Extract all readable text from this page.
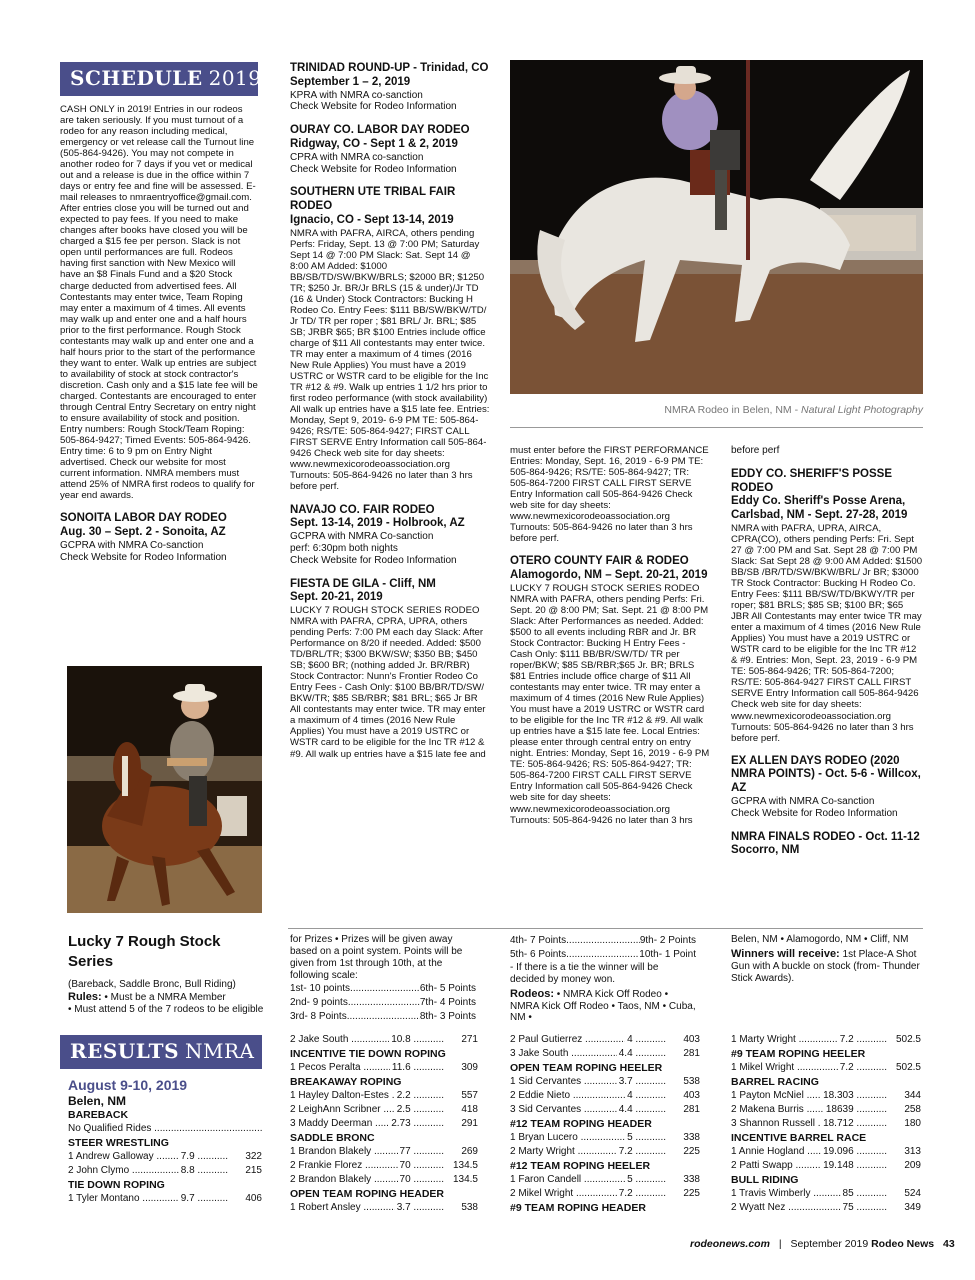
SCHEDULE 2019

CASH ONLY in 2019! Entries in our rodeos are taken seriously. If you must turnout of a rodeo for any reason including medical, emergency or vet release call the Turnout line (505-864-9426). You may not compete in another rodeo for 7 days if you vet or medical out and a release is due in the office within 7 days or entry fee and fine will be assessed. E-mail releases to nmraentryoffice@gmail.com. After entries close you will be turned out and expected to pay fees. If you need to make changes after books have closed you will be charged a $15 fee per person. Slack is not open until performances are full. Rodeos having first sanction with New Mexico will have an $8 Finals Fund and a $20 Stock charge deducted from advertised fees. All Contestants may enter twice, Team Roping may enter a maximum of 4 times. All events may walk up and enter one and a half hours prior to the first performance. Rough Stock contestants may walk up and enter one and a half hours prior to the start of the performance they want to enter. Walk up entries are subject to availability of stock at stock contractor's discretion. Cash only and a $15 late fee will be charged. Contestants are encouraged to enter through Central Entry Secretary on entry night to ensure availability of stock and position. Entry numbers: Rough Stock/Team Roping: 505-864-9427; Timed Events: 505-864-9426. Entry time: 6 to 9 pm on Entry Night advertised. Check our website for most current information. NMRA members must attend 25% of NMRA first rodeos to qualify for year end awards.

SONOITA LABOR DAY RODEO

Aug. 30 – Sept. 2 - Sonoita, AZ

GCPRA with NMRA Co-sanction

Check Website for Rodeo Information

TRINIDAD ROUND-UP - Trinidad, CO

September 1 – 2, 2019

KPRA with NMRA co-sanction

Check Website for Rodeo Information

OURAY CO. LABOR DAY RODEO

Ridgway, CO - Sept 1 & 2, 2019

CPRA with NMRA co-sanction

Check Website for Rodeo Information

SOUTHERN UTE TRIBAL FAIR RODEO

Ignacio, CO - Sept 13-14, 2019

NMRA with PAFRA, AIRCA, others pending Perfs: Friday, Sept. 13 @ 7:00 PM; Saturday Sept 14 @ 7:00 PM Slack: Sat. Sept 14 @ 8:00 AM Added: $1000 BB/SB/TD/SW/BKW/BRLS; $2000 BR; $1250 TR; $250 Jr. BR/Jr BRLS (15 & under)/Jr TD (16 & Under) Stock Contractors: Bucking H Rodeo Co. Entry Fees: $111 BB/SW/BKW/TD/ Jr TD/ TR per roper ; $81 BRL/ Jr. BRL; $85 SB; JRBR $65; BR $100 Entries include office charge of $11 All contestants may enter twice. TR may enter a maximum of 4 times (2016 New Rule Applies) You must have a 2019 USTRC or WSTR card to be eligible for the Inc TR #12 & #9. Walk up entries 1 1/2 hrs prior to first rodeo performance (with stock availability) All walk up entries have a $15 late fee. Entries: Monday, Sept 9, 2019- 6-9 PM TE: 505-864-9426; RS/TE: 505-864-9427; FIRST CALL FIRST SERVE Entry Information call 505-864-9426 Check web site for day sheets: www.newmexicorodeoassociation.org Turnouts: 505-864-9426 no later than 3 hrs before perf.

NAVAJO CO. FAIR RODEO

Sept. 13-14, 2019 - Holbrook, AZ

GCPRA with NMRA Co-sanction

perf: 6:30pm both nights

Check Website for Rodeo Information

FIESTA DE GILA - Cliff, NM

Sept. 20-21, 2019

LUCKY 7 ROUGH STOCK SERIES RODEO NMRA with PAFRA, CPRA, UPRA, others pending Perfs: 7:00 PM each day Slack: After Performance on 8/20 if needed. Added: $500 TD/BRL/TR; $300 BKW/SW; $350 BB; $450 SB; $600 BR; (nothing added Jr. BR/RBR) Stock Contractor: Nunn's Frontier Rodeo Co Entry Fees - Cash Only: $100 BB/BR/TD/SW/ BKW/TR; $85 SB/RBR; $81 BRL; $65 Jr BR All contestants may enter twice. TR may enter a maximum of 4 times (2016 New Rule Applies) You must have a 2019 USTRC or WSTR card to be eligible for the Inc TR #12 & #9. All walk up entries have a $15 late fee and

NMRA Rodeo in Belen, NM - Natural Light Photography

must enter before the FIRST PERFORMANCE Entries: Monday, Sept. 16, 2019 - 6-9 PM TE: 505-864-9426; RS/TE: 505-864-9427; TR: 505-864-7200 FIRST CALL FIRST SERVE Entry Information call 505-864-9426 Check web site for day sheets: www.newmexicorodeoassociation.org Turnouts: 505-864-9426 no later than 3 hrs before perf.

OTERO COUNTY FAIR & RODEO

Alamogordo, NM – Sept. 20-21, 2019

LUCKY 7 ROUGH STOCK SERIES RODEO NMRA with PAFRA, others pending Perfs: Fri. Sept. 20 @ 8:00 PM; Sat. Sept. 21 @ 8:00 PM Slack: After Performances as needed. Added: $500 to all events including RBR and Jr. BR Stock Contractor: Bucking H Entry Fees - Cash Only: $111 BB/BR/SW/TD/ TR per roper/BKW; $85 SB/RBR;$65 Jr. BR; BRLS $81 Entries include office charge of $11 All contestants may enter twice. TR may enter a maximum of 4 times (2016 New Rule Applies) You must have a 2019 USTRC or WSTR card to be eligible for the Inc TR #12 & #9. All walk up entries have a $15 late fee. Local Entries: please enter through central entry on entry night. Entries: Monday, Sept 16, 2019 - 6-9 PM TE: 505-864-9426; RS: 505-864-9427; TR: 505-864-7200 FIRST CALL FIRST SERVE Entry Information call 505-864-9426 Check web site for day sheets: www.newmexicorodeoassociation.org Turnouts: 505-864-9426 no later than 3 hrs

before perf

EDDY CO. SHERIFF'S POSSE RODEO

Eddy Co. Sheriff's Posse Arena, Carlsbad, NM - Sept. 27-28, 2019

NMRA with PAFRA, UPRA, AIRCA, CPRA(CO), others pending Perfs: Fri. Sept 27 @ 7:00 PM and Sat. Sept 28 @ 7:00 PM Slack: Sat Sept 28 @ 9:00 AM Added: $1500 BB/SB /BR/TD/SW/BKW/BRL/ Jr BR; $3000 TR Stock Contractor: Bucking H Rodeo Co. Entry Fees: $111 BB/SW/TD/BKWY/TR per roper; $81 BRLS; $85 SB; $100 BR; $65 JBR All Contestants may enter twice TR may enter a maximum of 4 times (2016 New Rule Applies) You must have a 2019 USTRC or WSTR card to be eligible for the Inc TR #12 & #9. Entries: Mon, Sept. 23, 2019 - 6-9 PM TE: 505-864-9426; TR: 505-864-7200; RS/TE: 505-864-9427 FIRST CALL FIRST SERVE Entry Information call 505-864-9426 Check web site for day sheets: www.newmexicorodeoassociation.org Turnouts: 505-864-9426 no later than 3 hrs before perf.

EX ALLEN DAYS RODEO (2020 NMRA POINTS) - Oct. 5-6 - Willcox, AZ

GCPRA with NMRA Co-sanction

Check Website for Rodeo Information

NMRA FINALS RODEO - Oct. 11-12 Socorro, NM

Lucky 7 Rough Stock Series

(Bareback, Saddle Bronc, Bull Riding)

Rules: • Must be a NMRA Member

• Must attend 5 of the 7 rodeos to be eligible

for Prizes • Prizes will be given away based on a point system. Points will be given from 1st through 10th, at the following scale:

1st- 10 points .....	6th- 5 Points
2nd- 9 points .....	7th- 4 Points
3rd- 8 Points .....	8th- 3 Points
4th- 7 Points .....	9th- 2 Points
5th- 6 Points .....	10th- 1 Point

- If there is a tie the winner will be decided by money won.

Rodeos: • NMRA Kick Off Rodeo • NMRA Kick Off Rodeo • Taos, NM • Cuba, NM •

Belen, NM • Alamogordo, NM • Cliff, NM

Winners will receive: 1st Place-A Shot Gun with A buckle on stock (from- Thunder Stick Awards).

RESULTS NMRA

August 9-10, 2019

Belen, NM

BAREBACK
No Qualified Rides .....
STEER WRESTLING
1 Andrew Galloway .....	7.9 .....	322
2 John Clymo .....	8.8 .....	215
TIE DOWN ROPING
1 Tyler Montano .....	9.7 .....	406
2 Jake South .....	10.8 .....	271
INCENTIVE TIE DOWN ROPING
1 Pecos Peralta .....	11.6 .....	309
BREAKAWAY ROPING
1 Hayley Dalton-Estes ..... 2.2 .....	557
2 LeighAnn Scribner .....	2.5 .....	418
3 Maddy Deerman .....	2.73 .....	291
SADDLE BRONC
1 Brandon Blakely .....	77 .....	269
2 Frankie Florez .....	70 .....	134.5
2 Brandon Blakely .....	70 .....	134.5
OPEN TEAM ROPING HEADER
1 Robert Ansley .....	3.7 .....	538
2 Paul Gutierrez .....	4 .....	403
3 Jake South .....	4.4 .....	281
OPEN TEAM ROPING HEELER
1 Sid Cervantes .....	3.7 .....	538
2 Eddie Nieto .....	4 .....	403
3 Sid Cervantes .....	4.4 .....	281
#12 TEAM ROPING HEADER
1 Bryan Lucero .....	5 .....	338
2 Marty Wright .....	7.2 .....	225
#12 TEAM ROPING HEELER
1 Faron Candell .....	5 .....	338
2 Mikel Wright .....	7.2 .....	225
#9 TEAM ROPING HEADER
1 Marty Wright .....	7.2 .....	502.5
#9 TEAM ROPING HEELER
1 Mikel Wright .....	7.2 .....	502.5
BARREL RACING
1 Payton McNiel .....	18.303 .....	344
2 Makena Burris .....	18639 .....	258
3 Shannon Russell ..... 18.712 .....	180
INCENTIVE BARREL RACE
1 Annie Hogland .....	19.096 .....	313
2 Patti Swapp .....	19.148 .....	209
BULL RIDING
1 Travis Wimberly .....	85 .....	524
2 Wyatt Nez .....	75 .....	349
rodeonews.com | September 2019 Rodeo News 43
